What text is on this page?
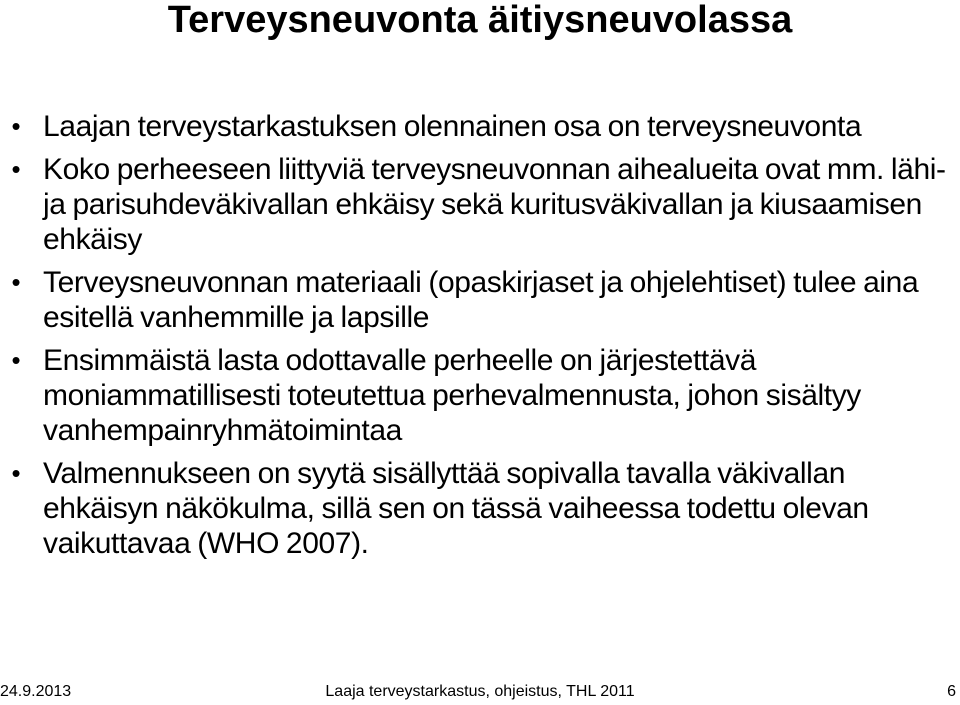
Terveysneuvonta äitiysneuvolassa
• Laajan terveystarkastuksen olennainen osa on terveysneuvonta
• Koko perheeseen liittyviä terveysneuvonnan aihealueita ovat mm. lähi- ja parisuhdeväkivallan ehkäisy sekä kuritusväkivallan ja kiusaamisen ehkäisy
• Terveysneuvonnan materiaali (opaskirjaset ja ohjelehtiset) tulee aina esitellä vanhemmille ja lapsille
• Ensimmäistä lasta odottavalle perheelle on järjestettävä moniammatillisesti toteutettua perhevalmennusta, johon sisältyy vanhempainryhmätoimintaa
• Valmennukseen on syytä sisällyttää sopivalla tavalla väkivallan ehkäisyn näkökulma, sillä sen on tässä vaiheessa todettu olevan vaikuttavaa (WHO 2007).
24.9.2013	Laaja terveystarkastus, ohjeistus, THL 2011	6
